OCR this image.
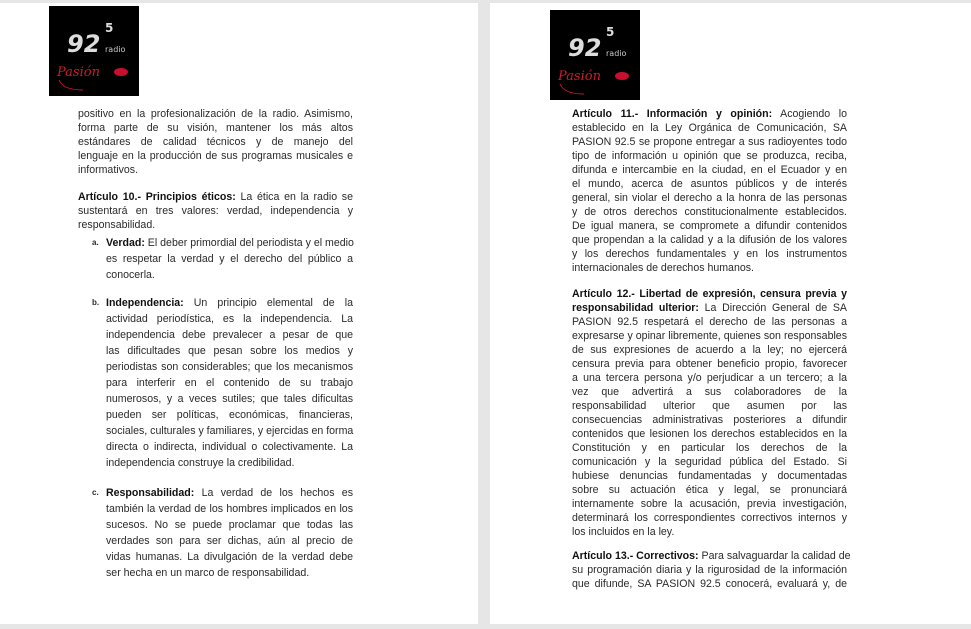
92
5
radio
Pasión
positivo en la profesionalización de la radio. Asimismo,
forma parte de su visión, mantener los más altos
estándares de calidad técnicos y de manejo del
lenguaje en la producción de sus programas musicales e
informativos.
Artículo 10.- Principios éticos: La ética en la radio se
sustentará en tres valores: verdad, independencia y
responsabilidad.
a. Verdad: El deber primordial del periodista y el medio
es respetar la verdad y el derecho del público a
conocerla.
b. Independencia: Un principio elemental de la
actividad periodística, es la independencia. La
independencia debe prevalecer a pesar de que
las dificultades que pesan sobre los medios y
periodistas son considerables; que los mecanismos
para interferir en el contenido de su trabajo
numerosos, y a veces sutiles; que tales dificultas
pueden ser políticas, económicas, financieras,
sociales, culturales y familiares, y ejercidas en forma
directa o indirecta, individual o colectivamente. La
independencia construye la credibilidad.
c. Responsabilidad: La verdad de los hechos es
también la verdad de los hombres implicados en los
sucesos. No se puede proclamar que todas las
verdades son para ser dichas, aún al precio de
vidas humanas. La divulgación de la verdad debe
ser hecha en un marco de responsabilidad.
92
5
radio
Pasión
Artículo 11.- Información y opinión: Acogiendo lo
establecido en la Ley Orgánica de Comunicación, SA
PASION 92.5 se propone entregar a sus radioyentes todo
tipo de información u opinión que se produzca, reciba,
difunda e intercambie en la ciudad, en el Ecuador y en
el mundo, acerca de asuntos públicos y de interés
general, sin violar el derecho a la honra de las personas
y de otros derechos constitucionalmente establecidos.
De igual manera, se compromete a difundir contenidos
que propendan a la calidad y a la difusión de los valores
y los derechos fundamentales y en los instrumentos
internacionales de derechos humanos.
Artículo 12.- Libertad de expresión, censura previa y
responsabilidad ulterior: La Dirección General de SA
PASION 92.5 respetará el derecho de las personas a
expresarse y opinar libremente, quienes son responsables
de sus expresiones de acuerdo a la ley; no ejercerá
censura previa para obtener beneficio propio, favorecer
a una tercera persona y/o perjudicar a un tercero; a la
vez que advertirá a sus colaboradores de la
responsabilidad ulterior que asumen por las
consecuencias administrativas posteriores a difundir
contenidos que lesionen los derechos establecidos en la
Constitución y en particular los derechos de la
comunicación y la seguridad pública del Estado. Si
hubiese denuncias fundamentadas y documentadas
sobre su actuación ética y legal, se pronunciará
internamente sobre la acusación, previa investigación,
determinará los correspondientes correctivos internos y
los incluidos en la ley.
Artículo 13.- Correctivos: Para salvaguardar la calidad de
su programación diaria y la rigurosidad de la información
que difunde, SA PASION 92.5 conocerá, evaluará y, de
